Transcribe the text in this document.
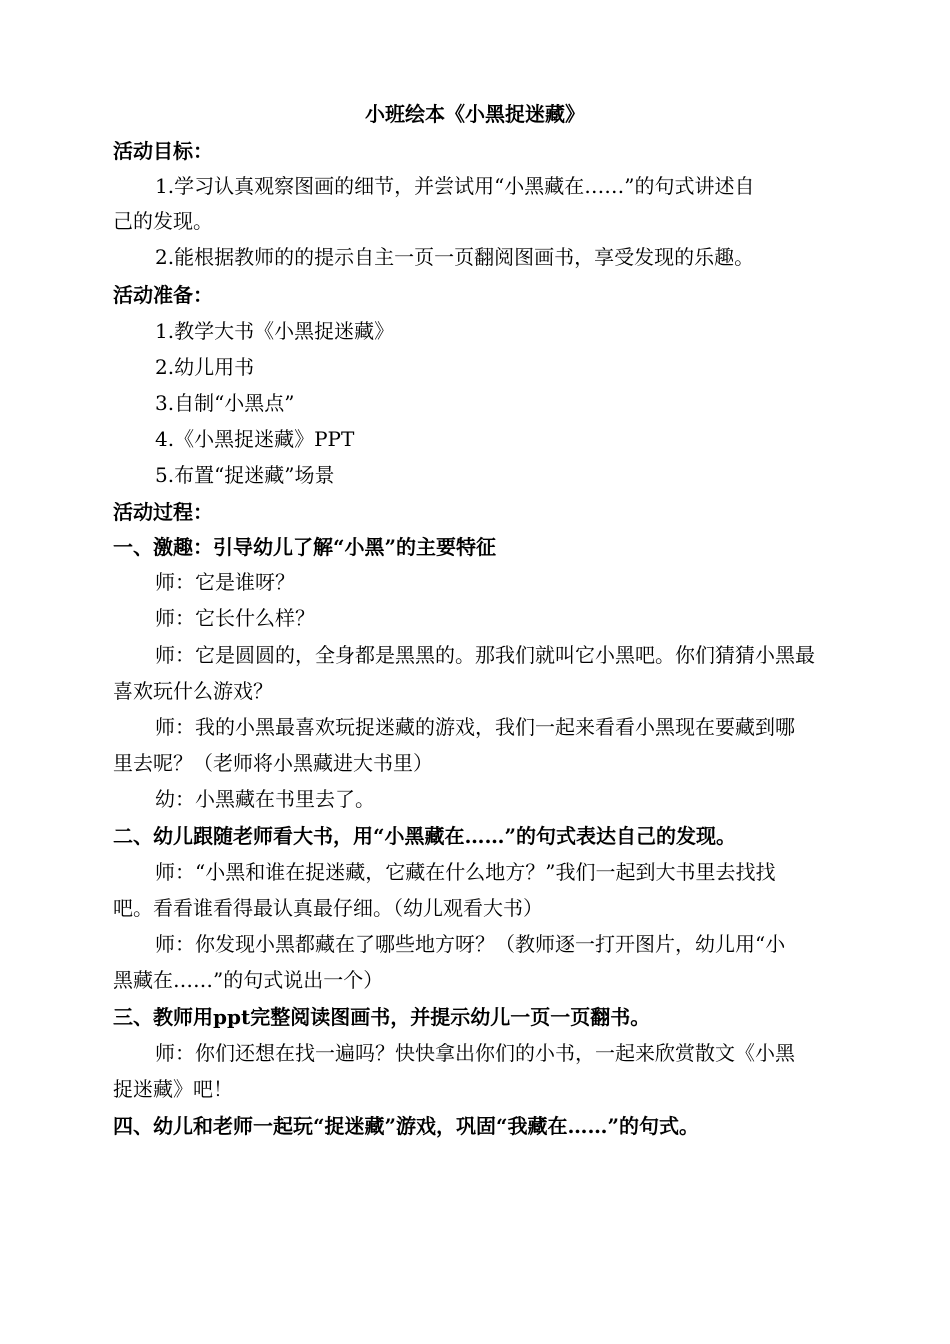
小班绘本《小黑捉迷藏》
活动目标：
1.学习认真观察图画的细节，并尝试用“小黑藏在……”的句式讲述自
己的发现。
2.能根据教师的的提示自主一页一页翻阅图画书，享受发现的乐趣。
活动准备：
1.教学大书《小黑捉迷藏》
2.幼儿用书
3.自制“小黑点”
4.《小黑捉迷藏》PPT
5.布置“捉迷藏”场景
活动过程：
一、激趣：引导幼儿了解“小黑”的主要特征
师：它是谁呀？
师：它长什么样？
师：它是圆圆的，全身都是黑黑的。那我们就叫它小黑吧。你们猜猜小黑最
喜欢玩什么游戏？
师：我的小黑最喜欢玩捉迷藏的游戏，我们一起来看看小黑现在要藏到哪
里去呢？（老师将小黑藏进大书里）
幼：小黑藏在书里去了。
二、幼儿跟随老师看大书，用“小黑藏在……”的句式表达自己的发现。
师：“小黑和谁在捉迷藏，它藏在什么地方？”我们一起到大书里去找找
吧。看看谁看得最认真最仔细。（幼儿观看大书）
师：你发现小黑都藏在了哪些地方呀？（教师逐一打开图片，幼儿用“小
黑藏在……”的句式说出一个）
三、教师用ppt完整阅读图画书，并提示幼儿一页一页翻书。
师：你们还想在找一遍吗？快快拿出你们的小书，一起来欣赏散文《小黑
捉迷藏》吧！
四、幼儿和老师一起玩“捉迷藏”游戏，巩固“我藏在……”的句式。
